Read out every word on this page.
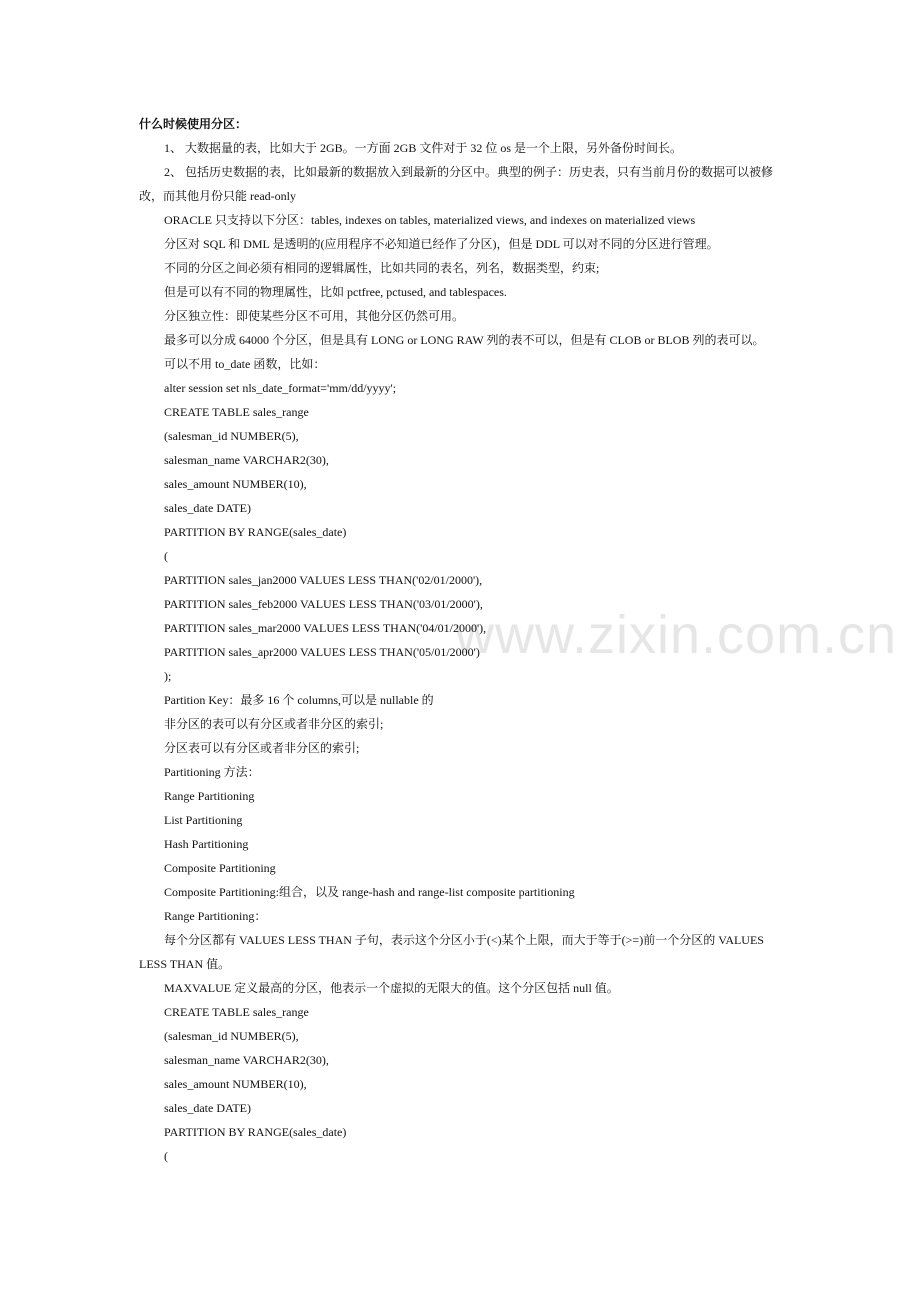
www.zixin.com.cn

什么时候使用分区：

1、 大数据量的表，比如大于 2GB。一方面 2GB 文件对于 32 位 os 是一个上限，另外备份时间长。

2、 包括历史数据的表，比如最新的数据放入到最新的分区中。典型的例子：历史表，只有当前月份的数据可以被修改，而其他月份只能 read-only

ORACLE 只支持以下分区：tables, indexes on tables, materialized views, and indexes on materialized views

分区对 SQL 和 DML 是透明的(应用程序不必知道已经作了分区)，但是 DDL 可以对不同的分区进行管理。

不同的分区之间必须有相同的逻辑属性，比如共同的表名，列名，数据类型，约束;

但是可以有不同的物理属性，比如 pctfree, pctused, and tablespaces.

分区独立性：即使某些分区不可用，其他分区仍然可用。

最多可以分成 64000 个分区，但是具有 LONG or LONG RAW 列的表不可以，但是有 CLOB or BLOB 列的表可以。

可以不用 to_date 函数，比如：

alter session set nls_date_format='mm/dd/yyyy';

CREATE TABLE sales_range

(salesman_id NUMBER(5),

salesman_name VARCHAR2(30),

sales_amount NUMBER(10),

sales_date DATE)

PARTITION BY RANGE(sales_date)

(

PARTITION sales_jan2000 VALUES LESS THAN('02/01/2000'),

PARTITION sales_feb2000 VALUES LESS THAN('03/01/2000'),

PARTITION sales_mar2000 VALUES LESS THAN('04/01/2000'),

PARTITION sales_apr2000 VALUES LESS THAN('05/01/2000')

);

Partition Key：最多 16 个 columns,可以是 nullable 的

非分区的表可以有分区或者非分区的索引;

分区表可以有分区或者非分区的索引;

Partitioning 方法：

Range Partitioning

List Partitioning

Hash Partitioning

Composite Partitioning

Composite Partitioning:组合，以及 range-hash and range-list composite partitioning

Range Partitioning：

每个分区都有 VALUES LESS THAN 子句，表示这个分区小于(<)某个上限，而大于等于(>=)前一个分区的 VALUES LESS THAN 值。

MAXVALUE 定义最高的分区，他表示一个虚拟的无限大的值。这个分区包括 null 值。

CREATE TABLE sales_range

(salesman_id NUMBER(5),

salesman_name VARCHAR2(30),

sales_amount NUMBER(10),

sales_date DATE)

PARTITION BY RANGE(sales_date)

(
